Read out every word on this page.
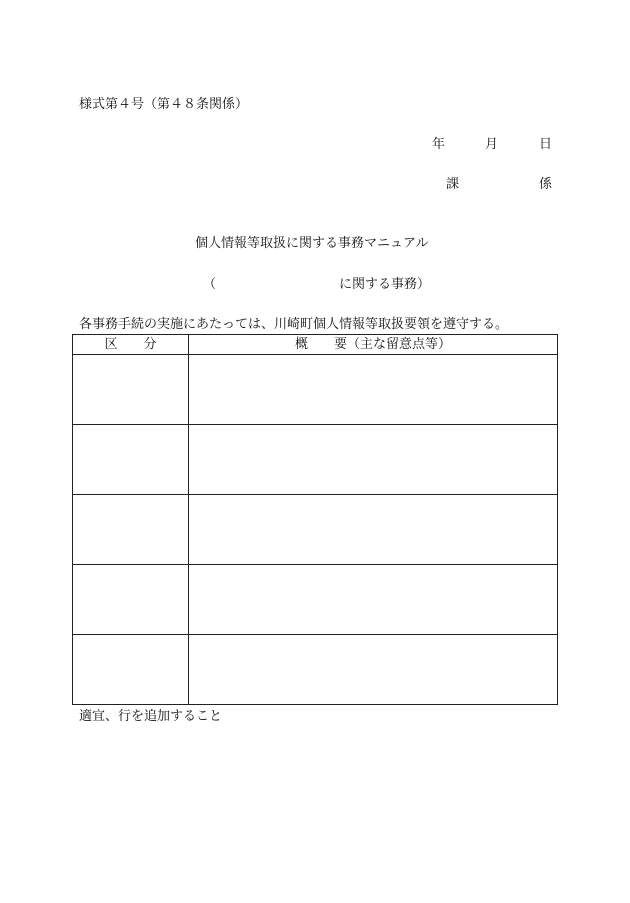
様式第４号（第４８条関係）
年	月	日
課	係
個人情報等取扱に関する事務マニュアル
（	に関する事務）
各事務手続の実施にあたっては、川崎町個人情報等取扱要領を遵守する。
区　　分	概　　要（主な留意点等）

適宜、行を追加すること
